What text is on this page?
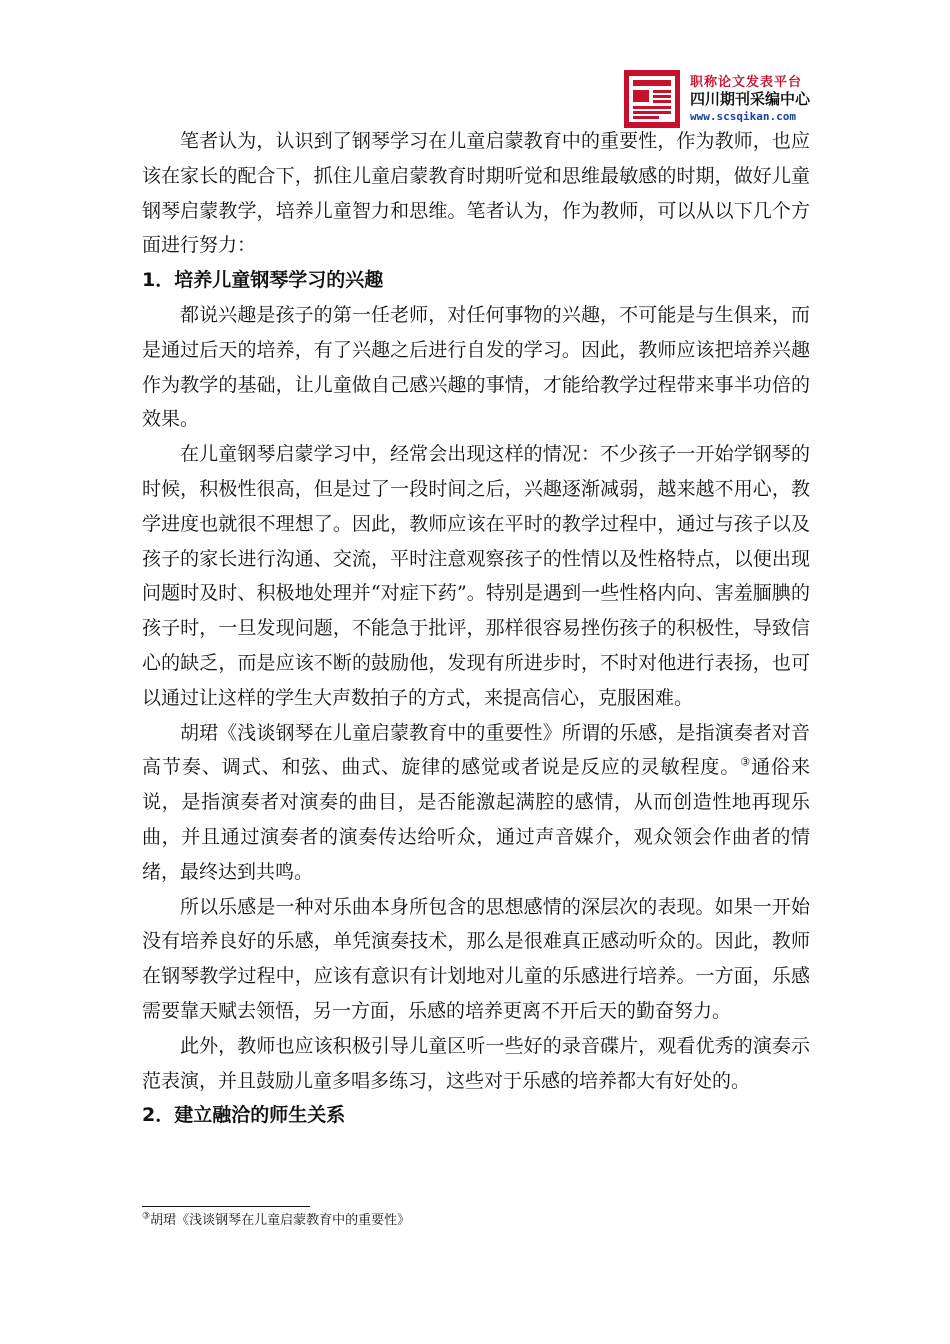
职称论文发表平台
四川期刊采编中心
www.scsqikan.com

笔者认为，认识到了钢琴学习在儿童启蒙教育中的重要性，作为教师，也应该在家长的配合下，抓住儿童启蒙教育时期听觉和思维最敏感的时期，做好儿童钢琴启蒙教学，培养儿童智力和思维。笔者认为，作为教师，可以从以下几个方面进行努力：

1．培养儿童钢琴学习的兴趣

都说兴趣是孩子的第一任老师，对任何事物的兴趣，不可能是与生俱来，而是通过后天的培养，有了兴趣之后进行自发的学习。因此，教师应该把培养兴趣作为教学的基础，让儿童做自己感兴趣的事情，才能给教学过程带来事半功倍的效果。

在儿童钢琴启蒙学习中，经常会出现这样的情况：不少孩子一开始学钢琴的时候，积极性很高，但是过了一段时间之后，兴趣逐渐减弱，越来越不用心，教学进度也就很不理想了。因此，教师应该在平时的教学过程中，通过与孩子以及孩子的家长进行沟通、交流，平时注意观察孩子的性情以及性格特点，以便出现问题时及时、积极地处理并“对症下药”。特别是遇到一些性格内向、害羞腼腆的孩子时，一旦发现问题，不能急于批评，那样很容易挫伤孩子的积极性，导致信心的缺乏，而是应该不断的鼓励他，发现有所进步时，不时对他进行表扬，也可以通过让这样的学生大声数拍子的方式，来提高信心，克服困难。

胡珺《浅谈钢琴在儿童启蒙教育中的重要性》所谓的乐感，是指演奏者对音高节奏、调式、和弦、曲式、旋律的感觉或者说是反应的灵敏程度。③通俗来说，是指演奏者对演奏的曲目，是否能激起满腔的感情，从而创造性地再现乐曲，并且通过演奏者的演奏传达给听众，通过声音媒介，观众领会作曲者的情绪，最终达到共鸣。

所以乐感是一种对乐曲本身所包含的思想感情的深层次的表现。如果一开始没有培养良好的乐感，单凭演奏技术，那么是很难真正感动听众的。因此，教师在钢琴教学过程中，应该有意识有计划地对儿童的乐感进行培养。一方面，乐感需要靠天赋去领悟，另一方面，乐感的培养更离不开后天的勤奋努力。

此外，教师也应该积极引导儿童区听一些好的录音碟片，观看优秀的演奏示范表演，并且鼓励儿童多唱多练习，这些对于乐感的培养都大有好处的。

2．建立融洽的师生关系
③胡珺《浅谈钢琴在儿童启蒙教育中的重要性》
